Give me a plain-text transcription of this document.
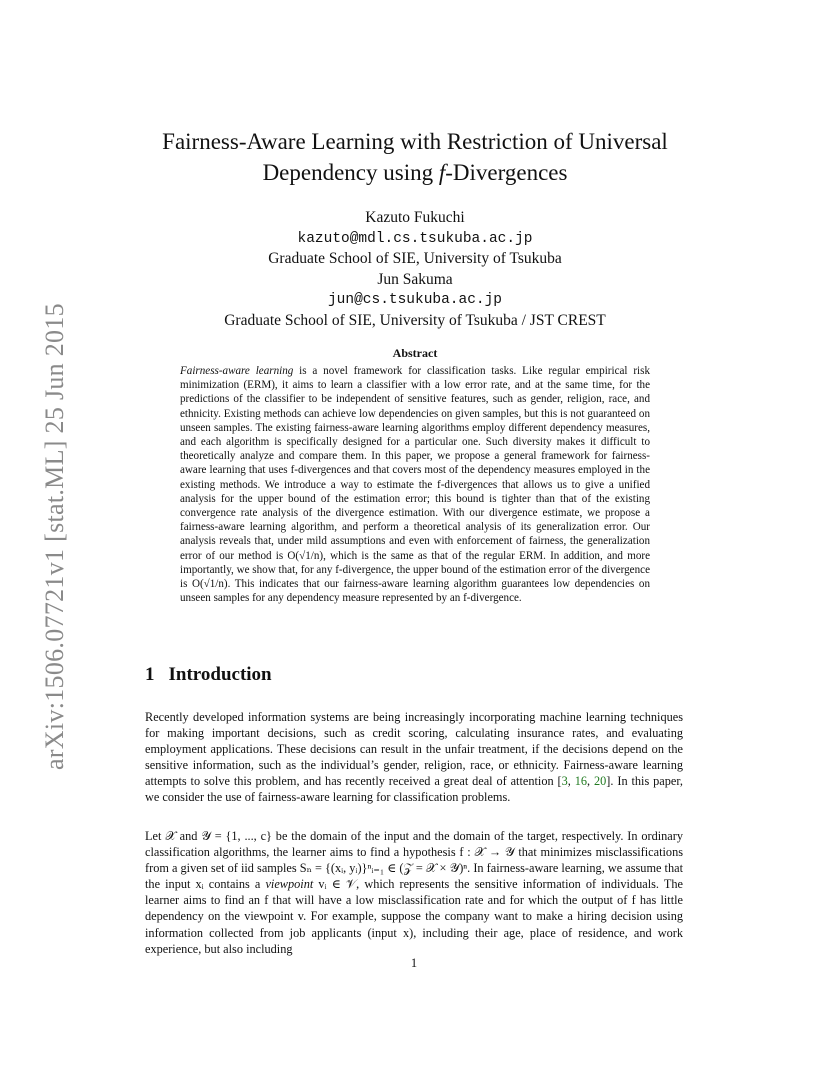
arXiv:1506.07721v1 [stat.ML] 25 Jun 2015
Fairness-Aware Learning with Restriction of Universal
Dependency using f-Divergences
Kazuto Fukuchi
kazuto@mdl.cs.tsukuba.ac.jp
Graduate School of SIE, University of Tsukuba
Jun Sakuma
jun@cs.tsukuba.ac.jp
Graduate School of SIE, University of Tsukuba / JST CREST
Abstract
Fairness-aware learning is a novel framework for classification tasks. Like regular empirical risk minimization (ERM), it aims to learn a classifier with a low error rate, and at the same time, for the predictions of the classifier to be independent of sensitive features, such as gender, religion, race, and ethnicity. Existing methods can achieve low dependencies on given samples, but this is not guaranteed on unseen samples. The existing fairness-aware learning algorithms employ different dependency measures, and each algorithm is specifically designed for a particular one. Such diversity makes it difficult to theoretically analyze and compare them. In this paper, we propose a general framework for fairness-aware learning that uses f-divergences and that covers most of the dependency measures employed in the existing methods. We introduce a way to estimate the f-divergences that allows us to give a unified analysis for the upper bound of the estimation error; this bound is tighter than that of the existing convergence rate analysis of the divergence estimation. With our divergence estimate, we propose a fairness-aware learning algorithm, and perform a theoretical analysis of its generalization error. Our analysis reveals that, under mild assumptions and even with enforcement of fairness, the generalization error of our method is O(√1/n), which is the same as that of the regular ERM. In addition, and more importantly, we show that, for any f-divergence, the upper bound of the estimation error of the divergence is O(√1/n). This indicates that our fairness-aware learning algorithm guarantees low dependencies on unseen samples for any dependency measure represented by an f-divergence.
1 Introduction
Recently developed information systems are being increasingly incorporating machine learning techniques for making important decisions, such as credit scoring, calculating insurance rates, and evaluating employment applications. These decisions can result in the unfair treatment, if the decisions depend on the sensitive information, such as the individual’s gender, religion, race, or ethnicity. Fairness-aware learning attempts to solve this problem, and has recently received a great deal of attention [3, 16, 20]. In this paper, we consider the use of fairness-aware learning for classification problems.
Let 𝒳 and 𝒴 = {1, ..., c} be the domain of the input and the domain of the target, respectively. In ordinary classification algorithms, the learner aims to find a hypothesis f : 𝒳 → 𝒴 that minimizes misclassifications from a given set of iid samples Sₙ = {(xᵢ, yᵢ)}ⁿᵢ₌₁ ∈ (𝒵 = 𝒳 × 𝒴)ⁿ. In fairness-aware learning, we assume that the input xᵢ contains a viewpoint vᵢ ∈ 𝒱, which represents the sensitive information of individuals. The learner aims to find an f that will have a low misclassification rate and for which the output of f has little dependency on the viewpoint v. For example, suppose the company want to make a hiring decision using information collected from job applicants (input x), including their age, place of residence, and work experience, but also including
1
